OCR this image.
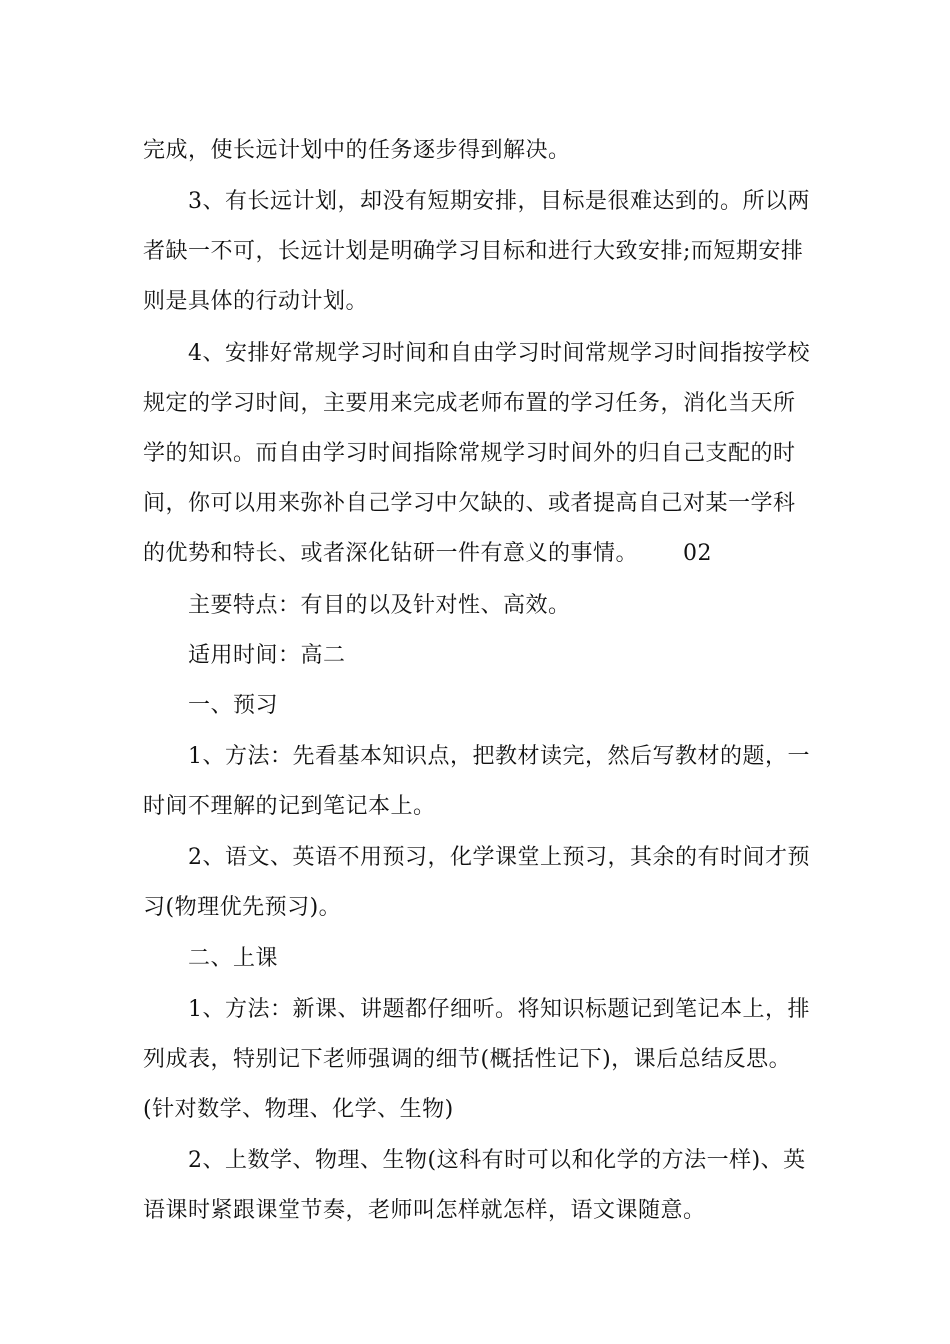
完成，使长远计划中的任务逐步得到解决。
3、有长远计划，却没有短期安排，目标是很难达到的。所以两
者缺一不可，长远计划是明确学习目标和进行大致安排;而短期安排
则是具体的行动计划。
4、安排好常规学习时间和自由学习时间常规学习时间指按学校
规定的学习时间，主要用来完成老师布置的学习任务，消化当天所
学的知识。而自由学习时间指除常规学习时间外的归自己支配的时
间，你可以用来弥补自己学习中欠缺的、或者提高自己对某一学科
的优势和特长、或者深化钻研一件有意义的事情。      02
主要特点：有目的以及针对性、高效。
适用时间：高二
一、预习
1、方法：先看基本知识点，把教材读完，然后写教材的题，一
时间不理解的记到笔记本上。
2、语文、英语不用预习，化学课堂上预习，其余的有时间才预
习(物理优先预习)。
二、上课
1、方法：新课、讲题都仔细听。将知识标题记到笔记本上，排
列成表，特别记下老师强调的细节(概括性记下)，课后总结反思。
(针对数学、物理、化学、生物)
2、上数学、物理、生物(这科有时可以和化学的方法一样)、英
语课时紧跟课堂节奏，老师叫怎样就怎样，语文课随意。
